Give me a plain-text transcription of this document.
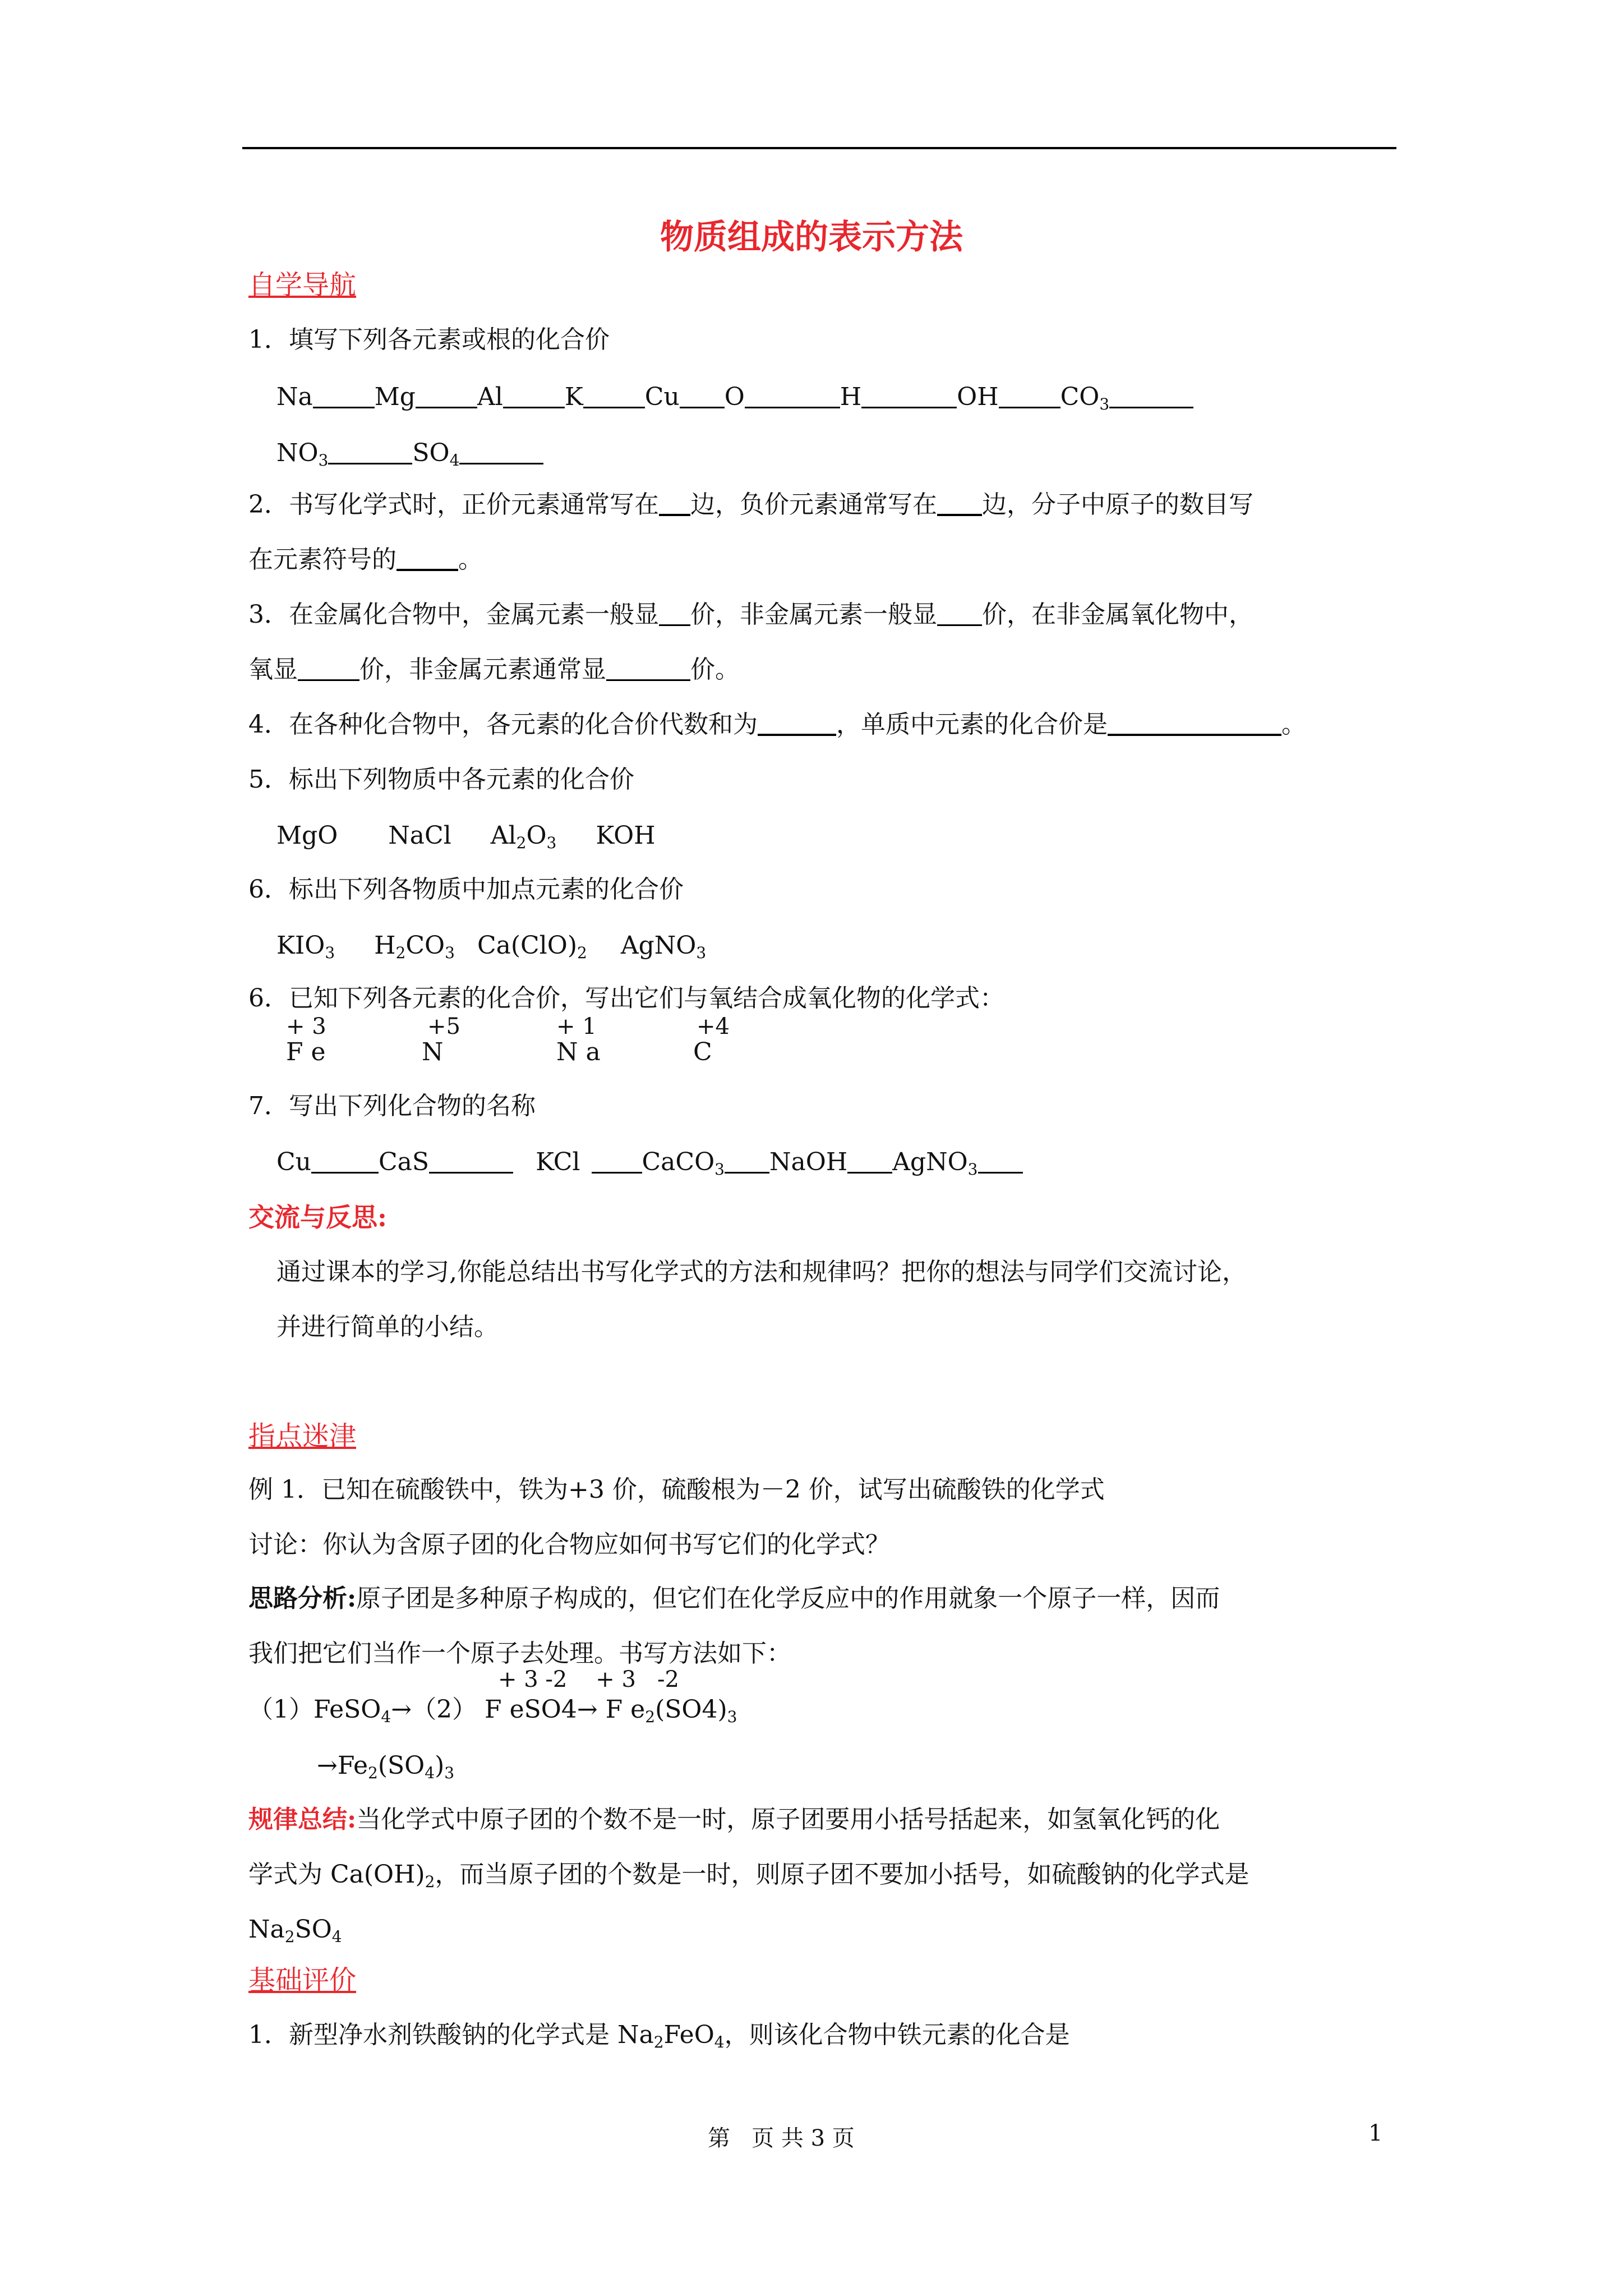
物质组成的表示方法
自学导航
1．填写下列各元素或根的化合价
Na	Mg	Al	K	Cu O	H	OH	$CO_3$
$NO_3$	$SO_4$
2．书写化学式时，正价元素通常写在 边，负价元素通常写在 边，分子中原子的数目写
在元素符号的	。
3．在金属化合物中，金属元素一般显 价，非金属元素一般显 价，在非金属氧化物中，
氧显	价，非金属元素通常显	价。
4．在各种化合物中，各元素的化合价代数和为	，单质中元素的化合价是	。
5．标出下列物质中各元素的化合价
MgO NaCl $Al_2O_3$ KOH
6．标出下列各物质中加点元素的化合价
$KIO_3$ $H_2CO_3$ $Ca(ClO)_2$ AgNO$_3$
6．已知下列各元素的化合价，写出它们与氧结合成氧化物的化学式：
+ 3	+5	+ 1	+4
F e	N	N a	C
7．写出下列化合物的名称
Cu	CaS	KCl	CaCO$_3$ NaOH AgNO$_3$
交流与反思:
通过课本的学习,你能总结出书写化学式的方法和规律吗？把你的想法与同学们交流讨论，
并进行简单的小结。
指点迷津
例 1．已知在硫酸铁中，铁为+3 价，硫酸根为－2 价，试写出硫酸铁的化学式
讨论：你认为含原子团的化合物应如何书写它们的化学式？
思路分析:原子团是多种原子构成的，但它们在化学反应中的作用就象一个原子一样，因而
我们把它们当作一个原子去处理。书写方法如下：
+ 3 -2    + 3   -2
（1）FeSO$_4$→（2） F eSO4→ F $e_2(SO4)_3$
$\to Fe_2(SO_4)_3$
规律总结:当化学式中原子团的个数不是一时，原子团要用小括号括起来，如氢氧化钙的化
学式为 $Ca(OH)_2$，而当原子团的个数是一时，则原子团不要加小括号，如硫酸钠的化学式是
$Na_2SO_4$
基础评价
1．新型净水剂铁酸钠的化学式是 $Na_2FeO_4$，则该化合物中铁元素的化合是
第   页 共 3 页	1
